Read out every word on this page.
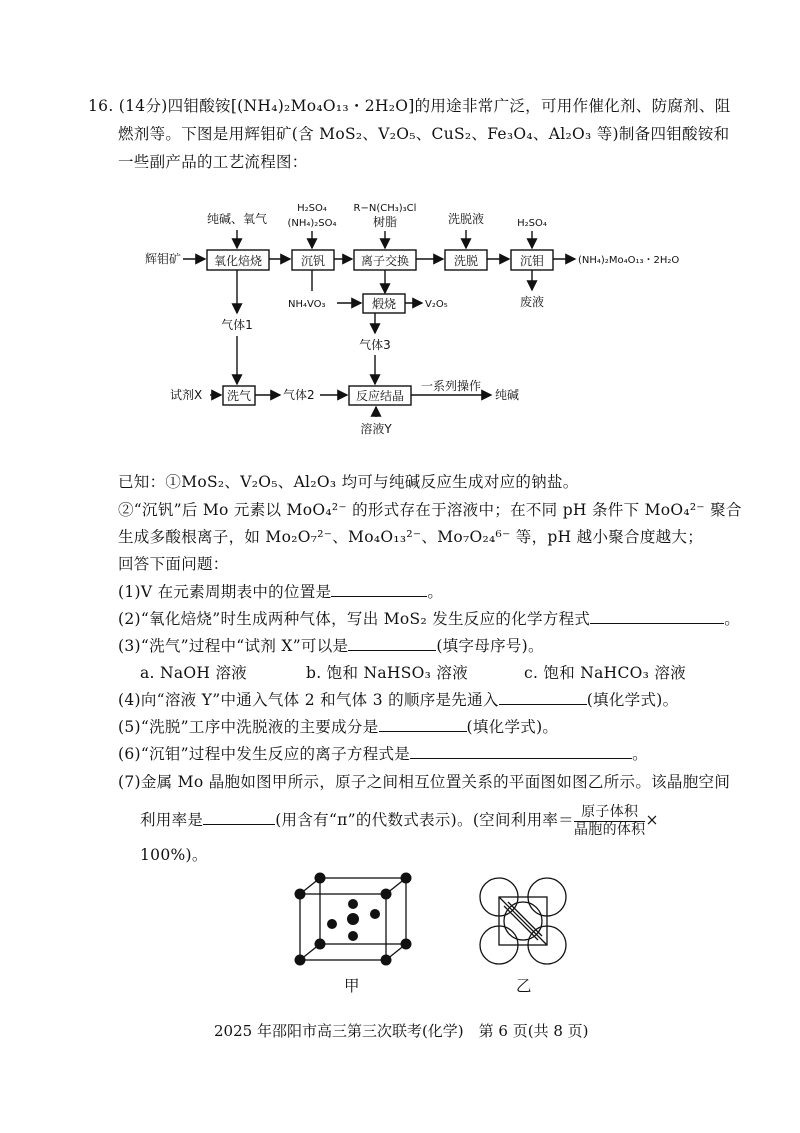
16. (14分)四钼酸铵[(NH₄)₂Mo₄O₁₃・2H₂O]的用途非常广泛，可用作催化剂、防腐剂、阻
燃剂等。下图是用辉钼矿(含 MoS₂、V₂O₅、CuS₂、Fe₃O₄、Al₂O₃ 等)制备四钼酸铵和
一些副产品的工艺流程图：
纯碱、氧气
H₂SO₄
(NH₄)₂SO₄
R−N(CH₃)₃Cl
树脂	洗脱液	H₂SO₄
辉钼矿	氧化焙烧	沉钒	离子交换	洗脱	沉钼	(NH₄)₂Mo₄O₁₃・2H₂O
废液
NH₄VO₃	煅烧	V₂O₅
气体3
气体1
试剂X 洗气	气体2	反应结晶
一系列操作
纯碱
溶液Y
已知：①MoS₂、V₂O₅、Al₂O₃ 均可与纯碱反应生成对应的钠盐。
②“沉钒”后 Mo 元素以 MoO₄²⁻ 的形式存在于溶液中；在不同 pH 条件下 MoO₄²⁻ 聚合
生成多酸根离子，如 Mo₂O₇²⁻、Mo₄O₁₃²⁻、Mo₇O₂₄⁶⁻ 等，pH 越小聚合度越大；
回答下面问题：
(1)V 在元素周期表中的位置是	。
(2)“氧化焙烧”时生成两种气体，写出 MoS₂ 发生反应的化学方程式	。
(3)“洗气”过程中“试剂 X”可以是	(填字母序号)。
a. NaOH 溶液	b. 饱和 NaHSO₃ 溶液	c. 饱和 NaHCO₃ 溶液
(4)向“溶液 Y”中通入气体 2 和气体 3 的顺序是先通入	(填化学式)。
(5)“洗脱”工序中洗脱液的主要成分是	(填化学式)。
(6)“沉钼”过程中发生反应的离子方程式是	。
(7)金属 Mo 晶胞如图甲所示，原子之间相互位置关系的平面图如图乙所示。该晶胞空间
利用率是	(用含有“π”的代数式表示)。(空间利用率＝ $\frac{\text{原子体积}}{\text{晶胞的体积}}$ ×
100%)。
甲	乙
2025 年邵阳市高三第三次联考(化学)　第 6 页(共 8 页)
